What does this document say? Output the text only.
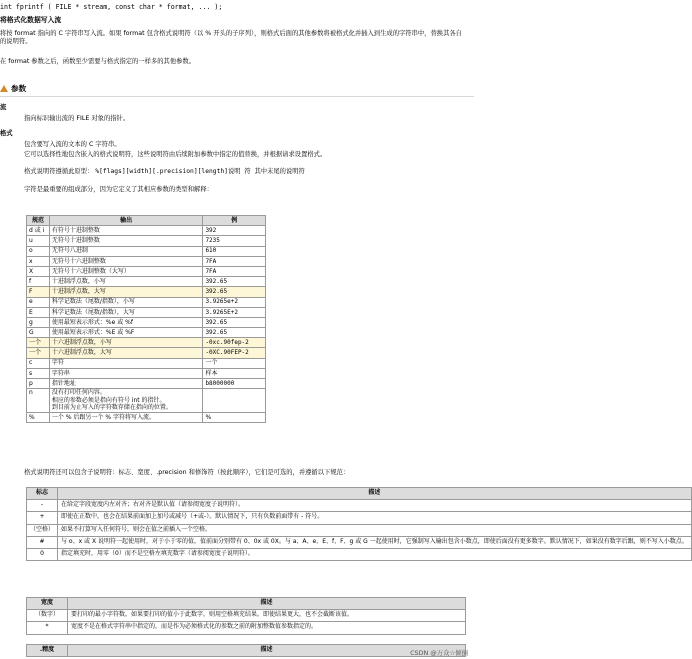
int fprintf ( FILE * stream, const char * format, ... );
将格式化数据写入流
将按 format 指向的 C 字符串写入流。如果 format 包含格式说明符（以 % 开头的子序列），则格式后面的其他参数将被格式化并插入到生成的字符串中，替换其各自的说明符。
在 format 参数之后，函数至少需要与格式指定的一样多的其他参数。
参数
流
指向标识输出流的 FILE 对象的指针。
格式
包含要写入流的文本的 C 字符串。
它可以选择性地包含嵌入的格式说明符，这些说明符由后续附加参数中指定的值替换，并根据请求设置格式。
格式说明符遵循此原型： %[flags][width][.precision][length]说明 符 其中末尾的说明符
字符是最重要的组成部分，因为它定义了其相应参数的类型和解释：
规范	输出	例
d 或 i	有符号十进制整数	392
u	无符号十进制整数	7235
o	无符号八进制	610
x	无符号十六进制整数	7FA
X	无符号十六进制整数（大写）	7FA
f	十进制浮点数，小写	392.65
F	十进制浮点数，大写	392.65
e	科学记数法（尾数/指数），小写	3.9265e+2
E	科学记数法（尾数/指数），大写	3.9265E+2
g	使用最短表示形式：%e 或 %f	392.65
G	使用最短表示形式：%E 或 %F	392.65
一个	十六进制浮点数，小写	-0xc.90fep-2
一个	十六进制浮点数，大写	-0XC.90FEP-2
c	字符	一个
s	字符串	样本
p	指针地址	b8000000
n	没有打印任何内容。
相应的参数必须是指向有符号 int 的指针。
到目前为止写入的字符数存储在指向的位置。	

%	一个 % 后跟另一个 % 字符将写入流。	%
格式说明符还可以包含子说明符：标志、宽度、.precision 和修饰符（按此顺序），它们是可选的，并遵循以下规范：
标志	描述
-	在给定字段宽度内左对齐；右对齐是默认值（请参阅宽度子说明符）。
+	即使在正数中，也会在结果前面加上加号或减号（+或-）。默认情况下，只有负数前面带有 - 符号。
（空格）	如果不打算写入任何符号，则会在值之前插入一个空格。
#	与 o、x 或 X 说明符一起使用时，对于小于零的值，值前面分别带有 0、0x 或 0X。与 a、A、e、E、f、F、g 或 G 一起使用时，它强制写入输出包含小数点，即使后面没有更多数字。默认情况下，如果没有数字后跟，则不写入小数点。
0	指定填充时，用零（0）而不是空格左填充数字（请参阅宽度子说明符）。
宽度	描述
（数字）	要打印的最小字符数。如果要打印的值小于此数字，则用空格填充结果。即使结果更大，也不会截断该值。
*	宽度不是在格式字符串中指定的，而是作为必须格式化的参数之前的附加整数值参数指定的。
.精度	描述	CSDN @万众☆倾倒
